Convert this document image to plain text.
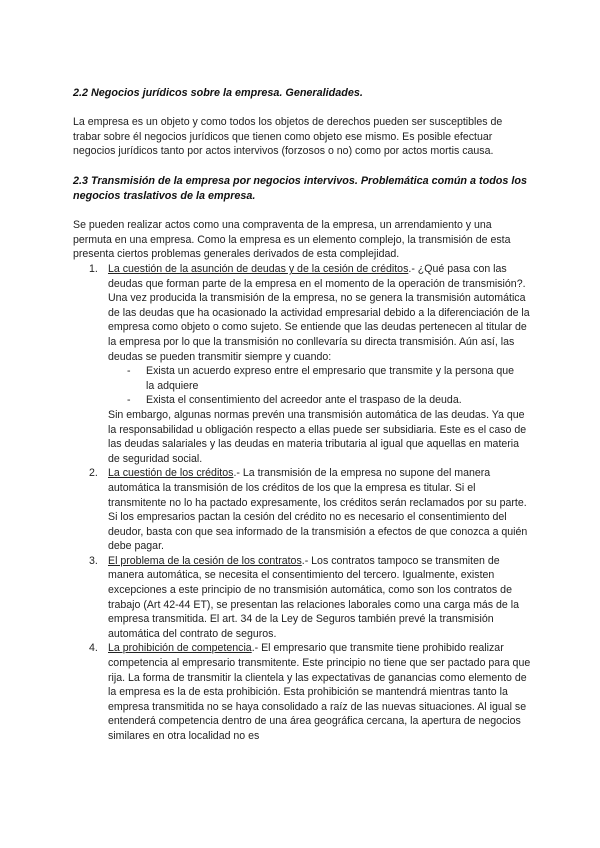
2.2 Negocios jurídicos sobre la empresa. Generalidades.

La empresa es un objeto y como todos los objetos de derechos pueden ser susceptibles de trabar sobre él negocios jurídicos que tienen como objeto ese mismo. Es posible efectuar negocios jurídicos tanto por actos intervivos (forzosos o no) como por actos mortis causa.

2.3 Transmisión de la empresa por negocios intervivos. Problemática común a todos los negocios traslativos de la empresa.

Se pueden realizar actos como una compraventa de la empresa, un arrendamiento y una permuta en una empresa. Como la empresa es un elemento complejo, la transmisión de esta presenta ciertos problemas generales derivados de esta complejidad.

1. La cuestión de la asunción de deudas y de la cesión de créditos.- ¿Qué pasa con las deudas que forman parte de la empresa en el momento de la operación de transmisión?. Una vez producida la transmisión de la empresa, no se genera la transmisión automática de las deudas que ha ocasionado la actividad empresarial debido a la diferenciación de la empresa como objeto o como sujeto. Se entiende que las deudas pertenecen al titular de la empresa por lo que la transmisión no conllevaría su directa transmisión. Aún así, las deudas se pueden transmitir siempre y cuando:
- Exista un acuerdo expreso entre el empresario que transmite y la persona que la adquiere
- Exista el consentimiento del acreedor ante el traspaso de la deuda.
Sin embargo, algunas normas prevén una transmisión automática de las deudas. Ya que la responsabilidad u obligación respecto a ellas puede ser subsidiaria. Este es el caso de las deudas salariales y las deudas en materia tributaria al igual que aquellas en materia de seguridad social.
2. La cuestión de los créditos.- La transmisión de la empresa no supone del manera automática la transmisión de los créditos de los que la empresa es titular. Si el transmitente no lo ha pactado expresamente, los créditos serán reclamados por su parte. Si los empresarios pactan la cesión del crédito no es necesario el consentimiento del deudor, basta con que sea informado de la transmisión a efectos de que conozca a quién debe pagar.
3. El problema de la cesión de los contratos.- Los contratos tampoco se transmiten de manera automática, se necesita el consentimiento del tercero. Igualmente, existen excepciones a este principio de no transmisión automática, como son los contratos de trabajo (Art 42-44 ET), se presentan las relaciones laborales como una carga más de la empresa transmitida. El art. 34 de la Ley de Seguros también prevé la transmisión automática del contrato de seguros.
4. La prohibición de competencia.- El empresario que transmite tiene prohibido realizar competencia al empresario transmitente. Este principio no tiene que ser pactado para que rija. La forma de transmitir la clientela y las expectativas de ganancias como elemento de la empresa es la de esta prohibición. Esta prohibición se mantendrá mientras tanto la empresa transmitida no se haya consolidado a raíz de las nuevas situaciones. Al igual se entenderá competencia dentro de una área geográfica cercana, la apertura de negocios similares en otra localidad no es
